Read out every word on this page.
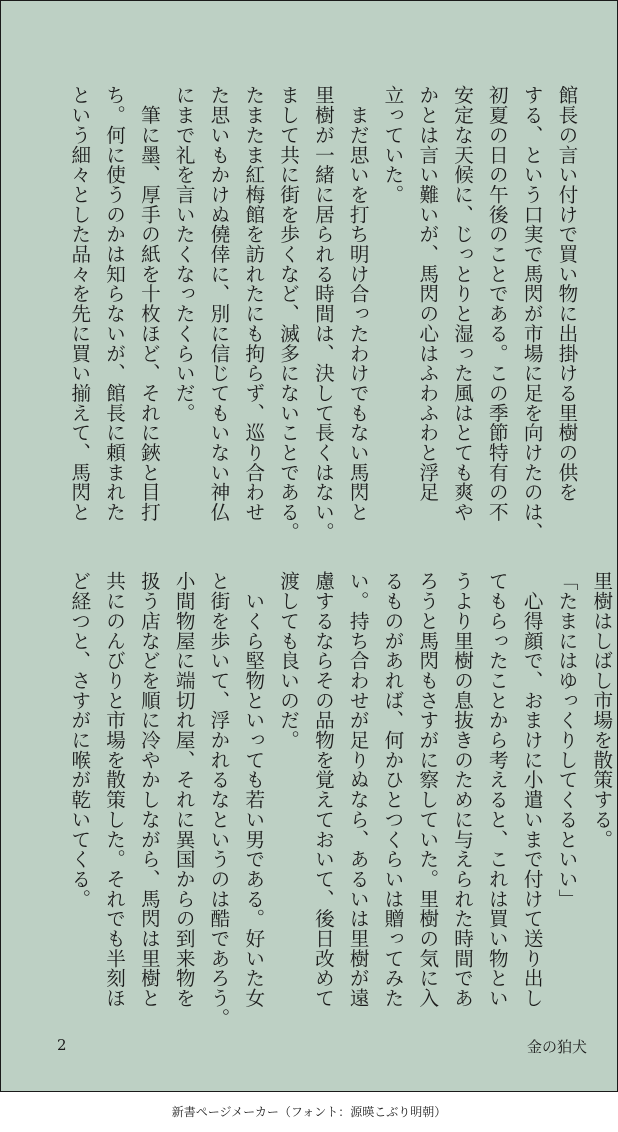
館長の言い付けで買い物に出掛ける里樹の供を

する、という口実で馬閃が市場に足を向けたのは、

初夏の日の午後のことである。この季節特有の不

安定な天候に、じっとりと湿った風はとても爽や

かとは言い難いが、馬閃の心はふわふわと浮足

立っていた。

　まだ思いを打ち明け合ったわけでもない馬閃と

里樹が一緒に居られる時間は、決して長くはない。

まして共に街を歩くなど、滅多にないことである。

たまたま紅梅館を訪れたにも拘らず、巡り合わせ

た思いもかけぬ僥倖に、別に信じてもいない神仏

にまで礼を言いたくなったくらいだ。

　筆に墨、厚手の紙を十枚ほど、それに鋏と目打

ち。何に使うのかは知らないが、館長に頼まれた

という細々とした品々を先に買い揃えて、馬閃と

里樹はしばし市場を散策する。

「たまにはゆっくりしてくるといい」

　心得顔で、おまけに小遣いまで付けて送り出し

てもらったことから考えると、これは買い物とい

うより里樹の息抜きのために与えられた時間であ

ろうと馬閃もさすがに察していた。里樹の気に入

るものがあれば、何かひとつくらいは贈ってみた

い。持ち合わせが足りぬなら、あるいは里樹が遠

慮するならその品物を覚えておいて、後日改めて

渡しても良いのだ。

　いくら堅物といっても若い男である。好いた女

と街を歩いて、浮かれるなというのは酷であろう。

小間物屋に端切れ屋、それに異国からの到来物を

扱う店などを順に冷やかしながら、馬閃は里樹と

共にのんびりと市場を散策した。それでも半刻ほ

ど経つと、さすがに喉が乾いてくる。

2	金の狛犬
新書ページメーカー（フォント：源暎こぶり明朝）
